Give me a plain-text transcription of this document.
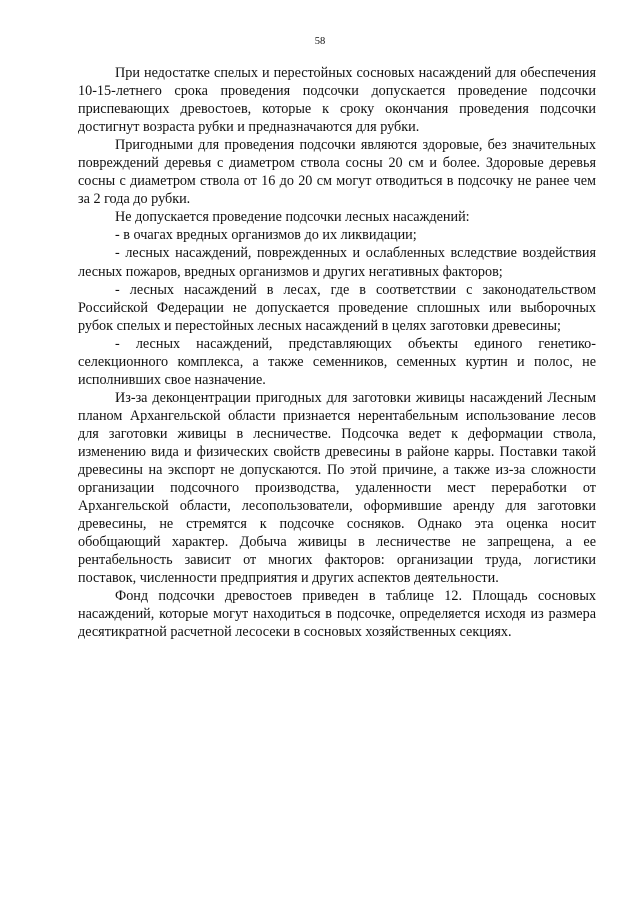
58

При недостатке спелых и перестойных сосновых насаждений для обеспечения 10-15-летнего срока проведения подсочки допускается проведение подсочки приспевающих древостоев, которые к сроку окончания проведения подсочки достигнут возраста рубки и предназначаются для рубки.

Пригодными для проведения подсочки являются здоровые, без значительных повреждений деревья с диаметром ствола сосны 20 см и более. Здоровые деревья сосны с диаметром ствола от 16 до 20 см могут отводиться в подсочку не ранее чем за 2 года до рубки.

Не допускается проведение подсочки лесных насаждений:

- в очагах вредных организмов до их ликвидации;

- лесных насаждений, поврежденных и ослабленных вследствие воздействия лесных пожаров, вредных организмов и других негативных факторов;

- лесных насаждений в лесах, где в соответствии с законодательством Российской Федерации не допускается проведение сплошных или выборочных рубок спелых и перестойных лесных насаждений в целях заготовки древесины;

- лесных насаждений, представляющих объекты единого генетико-селекционного комплекса, а также семенников, семенных куртин и полос, не исполнивших свое назначение.

Из-за деконцентрации пригодных для заготовки живицы насаждений Лесным планом Архангельской области признается нерентабельным использование лесов для заготовки живицы в лесничестве. Подсочка ведет к деформации ствола, изменению вида и физических свойств древесины в районе карры. Поставки такой древесины на экспорт не допускаются. По этой причине, а также из-за сложности организации подсочного производства, удаленности мест переработки от Архангельской области, лесопользователи, оформившие аренду для заготовки древесины, не стремятся к подсочке сосняков. Однако эта оценка носит обобщающий характер. Добыча живицы в лесничестве не запрещена, а ее рентабельность зависит от многих факторов: организации труда, логистики поставок, численности предприятия и других аспектов деятельности.

Фонд подсочки древостоев приведен в таблице 12. Площадь сосновых насаждений, которые могут находиться в подсочке, определяется исходя из размера десятикратной расчетной лесосеки в сосновых хозяйственных секциях.
